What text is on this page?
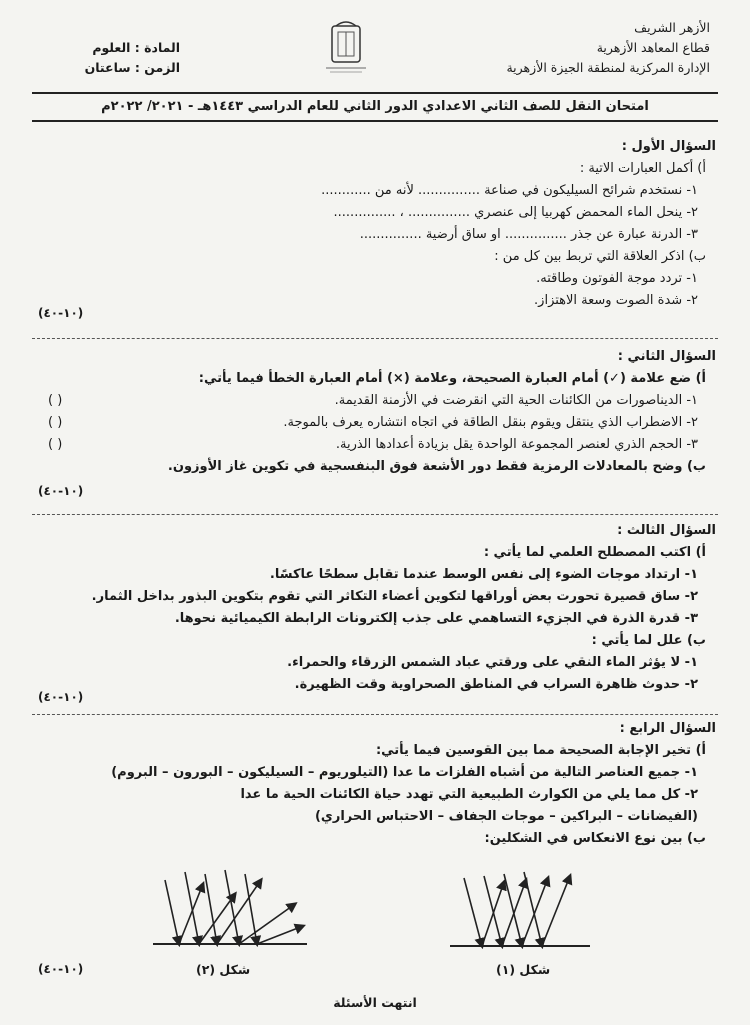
الأزهر الشريف
قطاع المعاهد الأزهرية
الإدارة المركزية لمنطقة الجيزة الأزهرية
المادة : العلوم
الزمن : ساعتان
امتحان النقل للصف الثاني الاعدادي الدور الثاني للعام الدراسي ١٤٤٣هـ - ٢٠٢١/ ٢٠٢٢م
السؤال الأول :
أ) أكمل العبارات الاتية :
١- نستخدم شرائح السيليكون في صناعة ............... لأنه من ............
٢- ينحل الماء المحمض كهربيا إلى عنصري ............... ، ...............
٣- الدرنة عبارة عن جذر ............... او ساق أرضية ...............
ب) اذكر العلاقة التي تربط بين كل من :
١- تردد موجة الفوتون وطاقته.
٢- شدة الصوت وسعة الاهتزاز.
(١٠-٤٠)
السؤال الثاني :
أ) ضع علامة (✓) أمام العبارة الصحيحة، وعلامة (×) أمام العبارة الخطأ فيما يأتي:
١- الديناصورات من الكائنات الحية التي انقرضت في الأزمنة القديمة.
٢- الاضطراب الذي ينتقل ويقوم بنقل الطاقة في اتجاه انتشاره يعرف بالموجة.
٣- الحجم الذري لعنصر المجموعة الواحدة يقل بزيادة أعدادها الذرية.
ب) وضح بالمعادلات الرمزية فقط دور الأشعة فوق البنفسجية في تكوين غاز الأوزون.
( )
( )
( )
(١٠-٤٠)
السؤال الثالث :
أ) اكتب المصطلح العلمي لما يأتي :
١- ارتداد موجات الضوء إلى نفس الوسط عندما تقابل سطحًا عاكسًا.
٢- ساق قصيرة تحورت بعض أوراقها لتكوين أعضاء التكاثر التي تقوم بتكوين البذور بداخل الثمار.
٣- قدرة الذرة في الجزيء التساهمي على جذب إلكترونات الرابطة الكيميائية نحوها.
ب) علل لما يأتي :
١- لا يؤثر الماء النقي على ورقتي عباد الشمس الزرقاء والحمراء.
٢- حدوث ظاهرة السراب في المناطق الصحراوية وقت الظهيرة.
(١٠-٤٠)
السؤال الرابع :
أ) تخير الإجابة الصحيحة مما بين القوسين فيما يأتي:
١- جميع العناصر التالية من أشباه الفلزات ما عدا (التيلوريوم – السيليكون – البورون – البروم)
٢- كل مما يلي من الكوارث الطبيعية التي تهدد حياة الكائنات الحية ما عدا
(الفيضانات – البراكين – موجات الجفاف – الاحتباس الحراري)
ب) بين نوع الانعكاس في الشكلين:
شكل (١)
شكل (٢)
(١٠-٤٠)
انتهت الأسئلة
